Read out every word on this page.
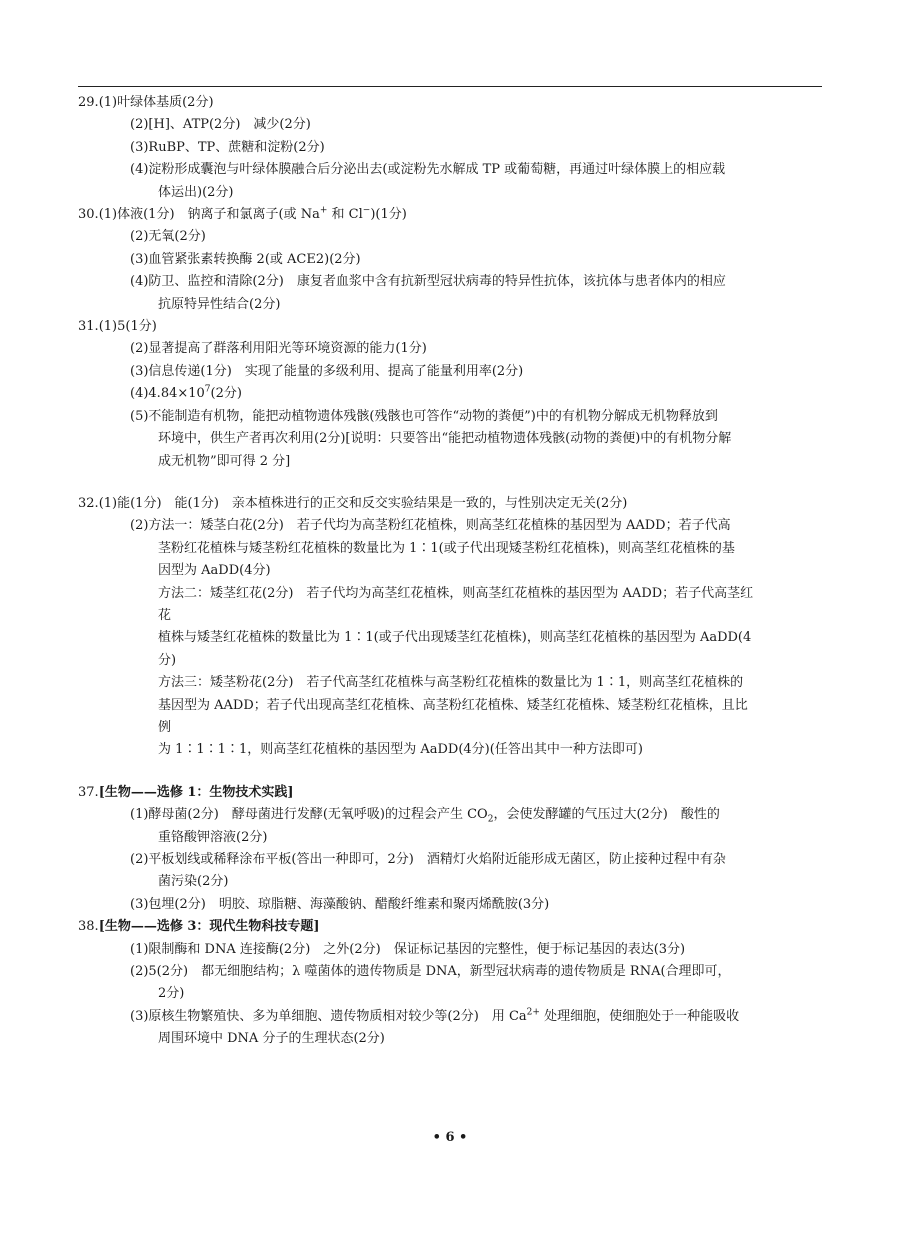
29.(1)叶绿体基质(2分)
(2)[H]、ATP(2分)　减少(2分)
(3)RuBP、TP、蔗糖和淀粉(2分)
(4)淀粉形成囊泡与叶绿体膜融合后分泌出去(或淀粉先水解成 TP 或葡萄糖，再通过叶绿体膜上的相应载
体运出)(2分)
30.(1)体液(1分)　钠离子和氯离子(或 Na+ 和 Cl−)(1分)
(2)无氧(2分)
(3)血管紧张素转换酶 2(或 ACE2)(2分)
(4)防卫、监控和清除(2分)　康复者血浆中含有抗新型冠状病毒的特异性抗体，该抗体与患者体内的相应
抗原特异性结合(2分)
31.(1)5(1分)
(2)显著提高了群落利用阳光等环境资源的能力(1分)
(3)信息传递(1分)　实现了能量的多级利用、提高了能量利用率(2分)
$(4)4.84\times 10^7(2$分)
(5)不能制造有机物，能把动植物遗体残骸(残骸也可答作“动物的粪便”)中的有机物分解成无机物释放到
环境中，供生产者再次利用(2分)[说明：只要答出“能把动植物遗体残骸(动物的粪便)中的有机物分解
成无机物”即可得 2 分]
32.(1)能(1分)　能(1分)　亲本植株进行的正交和反交实验结果是一致的，与性别决定无关(2分)
(2)方法一：矮茎白花(2分)　若子代均为高茎粉红花植株，则高茎红花植株的基因型为 AADD；若子代高
茎粉红花植株与矮茎粉红花植株的数量比为 1∶1(或子代出现矮茎粉红花植株)，则高茎红花植株的基
因型为 AaDD(4分)
方法二：矮茎红花(2分)　若子代均为高茎红花植株，则高茎红花植株的基因型为 AADD；若子代高茎红花
植株与矮茎红花植株的数量比为 1∶1(或子代出现矮茎红花植株)，则高茎红花植株的基因型为 AaDD(4分)
方法三：矮茎粉花(2分)　若子代高茎红花植株与高茎粉红花植株的数量比为 1∶1，则高茎红花植株的
基因型为 AADD；若子代出现高茎红花植株、高茎粉红花植株、矮茎红花植株、矮茎粉红花植株，且比例
为 1∶1∶1∶1，则高茎红花植株的基因型为 AaDD(4分)(任答出其中一种方法即可)
37.[生物——选修 1：生物技术实践]
(1)酵母菌(2分)　酵母菌进行发酵(无氧呼吸)的过程会产生 $CO_2$，会使发酵罐的气压过大(2分)　酸性的
重铬酸钾溶液(2分)
(2)平板划线或稀释涂布平板(答出一种即可，2分)　酒精灯火焰附近能形成无菌区，防止接种过程中有杂
菌污染(2分)
(3)包埋(2分)　明胶、琼脂糖、海藻酸钠、醋酸纤维素和聚丙烯酰胺(3分)
38.[生物——选修 3：现代生物科技专题]
(1)限制酶和 DNA 连接酶(2分)　之外(2分)　保证标记基因的完整性，便于标记基因的表达(3分)
(2)5(2分)　都无细胞结构；λ 噬菌体的遗传物质是 DNA，新型冠状病毒的遗传物质是 RNA(合理即可，
2分)
(3)原核生物繁殖快、多为单细胞、遗传物质相对较少等(2分)　用 $Ca^{2+}$ 处理细胞，使细胞处于一种能吸收
周围环境中 DNA 分子的生理状态(2分)
• 6 •
